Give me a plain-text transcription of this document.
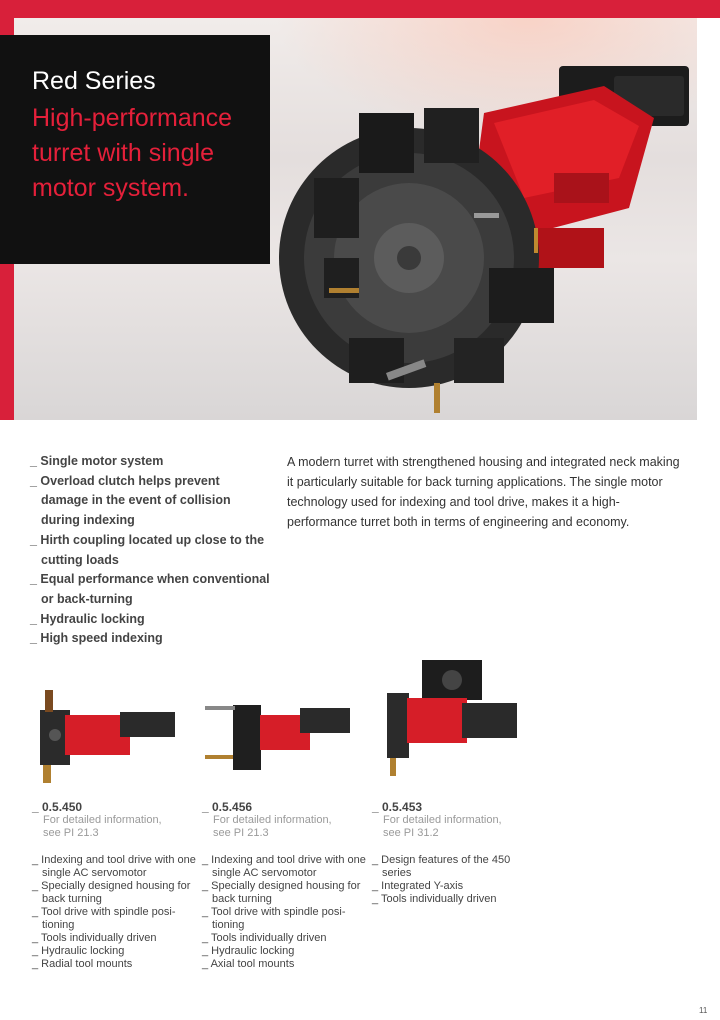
Red Series
High-performance turret with single motor system.
_ Single motor system
_ Overload clutch helps prevent damage in the event of collision during indexing
_ Hirth coupling located up close to the cutting loads
_ Equal performance when conventional or back-turning
_ Hydraulic locking
_ High speed indexing
A modern turret with strengthened housing and integrated neck making it particularly suitable for back turning applications. The single motor technology used for indexing and tool drive, makes it a high-performance turret both in terms of engineering and economy.
_ 0.5.450
For detailed information,
see PI 21.3
_ Indexing and tool drive with one single AC servomotor
_ Specially designed housing for back turning
_ Tool drive with spindle posi-tioning
_ Tools individually driven
_ Hydraulic locking
_ Radial tool mounts
_ 0.5.456
For detailed information,
see PI 21.3
_ Indexing and tool drive with one single AC servomotor
_ Specially designed housing for back turning
_ Tool drive with spindle posi-tioning
_ Tools individually driven
_ Hydraulic locking
_ Axial tool mounts
_ 0.5.453
For detailed information,
see PI 31.2
_ Design features of the 450 series
_ Integrated Y-axis
_ Tools individually driven
11
